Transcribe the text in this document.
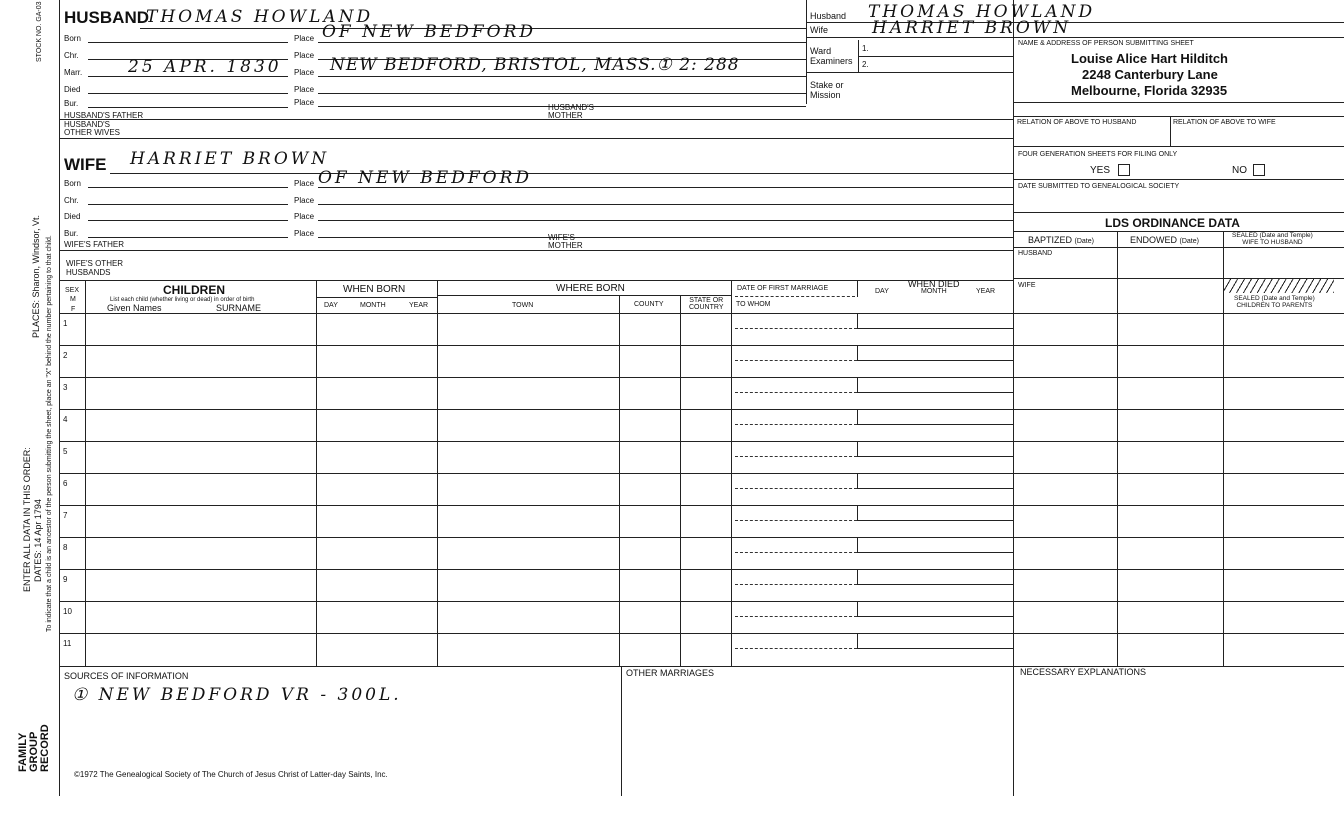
STOCK NO. GA-03
PLACES: Sharon, Windsor, Vt.
ENTER ALL DATA IN THIS ORDER: DATES: 14 Apr 1794 To indicate that a child is an ancestor of the person submitting the sheet, place an "X" behind the number pertaining to that child.
FAMILY GROUP RECORD
HUSBAND
THOMAS HOWLAND
Born	Place OF NEW BEDFORD
Chr.	Place
Marr.	25 APR. 1830 Place NEW BEDFORD, BRISTOL, MASS.① 2: 288
Died	Place
Bur.	Place
HUSBAND'S FATHER
HUSBAND'S
MOTHER
HUSBAND'S
OTHER WIVES
WIFE HARRIET BROWN
Born	Place OF NEW BEDFORD
Chr.	Place
Died	Place
Bur.	Place
WIFE'S FATHER
WIFE'S
MOTHER
WIFE'S OTHER
HUSBANDS
Husband THOMAS HOWLAND
Wife	HARRIET BROWN
Ward
Examiners
1.
2.
Stake or
Mission
NAME & ADDRESS OF PERSON SUBMITTING SHEET
Louise Alice Hart Hilditch
2248 Canterbury Lane
Melbourne, Florida 32935
RELATION OF ABOVE TO HUSBAND	RELATION OF ABOVE TO WIFE
FOUR GENERATION SHEETS FOR FILING ONLY
YES	NO
DATE SUBMITTED TO GENEALOGICAL SOCIETY
LDS ORDINANCE DATA
BAPTIZED (Date)	ENDOWED (Date)
SEALED (Date and Temple)
WIFE TO HUSBAND
HUSBAND
WIFE
SEALED (Date and Temple)
CHILDREN TO PARENTS
SEX
M
F
CHILDREN
List each child (whether living or dead) in order of birth
Given Names	SURNAME
WHEN BORN
DAY	MONTH	YEAR
WHERE BORN
TOWN	COUNTY
STATE OR
COUNTRY
DATE OF FIRST MARRIAGE
TO WHOM
WHEN DIED
DAY	MONTH	YEAR
1
2
3
4
5
6
7
8
9
10
11
SOURCES OF INFORMATION
① NEW BEDFORD VR - 300L.
OTHER MARRIAGES	NECESSARY EXPLANATIONS
©1972 The Genealogical Society of The Church of Jesus Christ of Latter-day Saints, Inc.
